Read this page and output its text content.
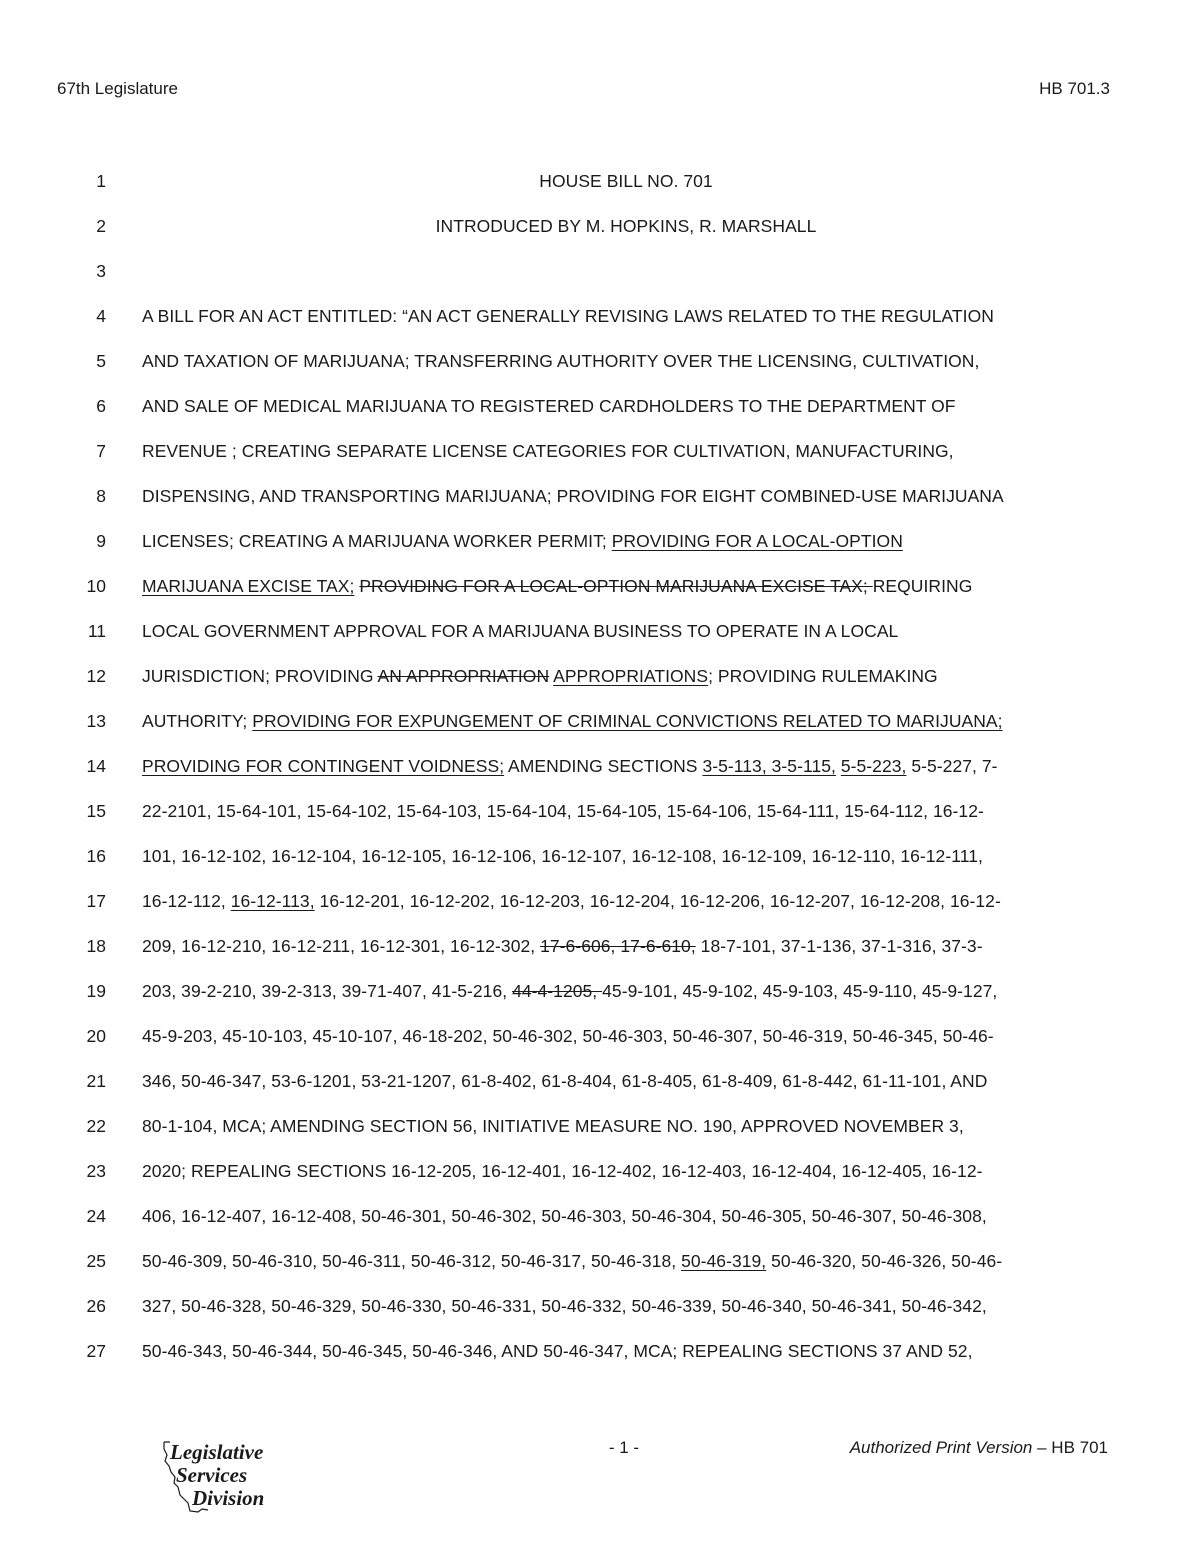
67th Legislature	HB 701.3
1	HOUSE BILL NO. 701
2	INTRODUCED BY M. HOPKINS, R. MARSHALL
3
4 A BILL FOR AN ACT ENTITLED: “AN ACT GENERALLY REVISING LAWS RELATED TO THE REGULATION
5 AND TAXATION OF MARIJUANA; TRANSFERRING AUTHORITY OVER THE LICENSING, CULTIVATION,
6 AND SALE OF MEDICAL MARIJUANA TO REGISTERED CARDHOLDERS TO THE DEPARTMENT OF
7 REVENUE ; CREATING SEPARATE LICENSE CATEGORIES FOR CULTIVATION, MANUFACTURING,
8 DISPENSING, AND TRANSPORTING MARIJUANA; PROVIDING FOR EIGHT COMBINED-USE MARIJUANA
9 LICENSES; CREATING A MARIJUANA WORKER PERMIT; PROVIDING FOR A LOCAL-OPTION
10 MARIJUANA EXCISE TAX; PROVIDING FOR A LOCAL-OPTION MARIJUANA EXCISE TAX; REQUIRING
11 LOCAL GOVERNMENT APPROVAL FOR A MARIJUANA BUSINESS TO OPERATE IN A LOCAL
12 JURISDICTION; PROVIDING AN APPROPRIATION APPROPRIATIONS; PROVIDING RULEMAKING
13 AUTHORITY; PROVIDING FOR EXPUNGEMENT OF CRIMINAL CONVICTIONS RELATED TO MARIJUANA;
14 PROVIDING FOR CONTINGENT VOIDNESS; AMENDING SECTIONS 3-5-113, 3-5-115, 5-5-223, 5-5-227, 7-
15 22-2101, 15-64-101, 15-64-102, 15-64-103, 15-64-104, 15-64-105, 15-64-106, 15-64-111, 15-64-112, 16-12-
16 101, 16-12-102, 16-12-104, 16-12-105, 16-12-106, 16-12-107, 16-12-108, 16-12-109, 16-12-110, 16-12-111,
17 16-12-112, 16-12-113, 16-12-201, 16-12-202, 16-12-203, 16-12-204, 16-12-206, 16-12-207, 16-12-208, 16-12-
18 209, 16-12-210, 16-12-211, 16-12-301, 16-12-302, 17-6-606, 17-6-610, 18-7-101, 37-1-136, 37-1-316, 37-3-
19 203, 39-2-210, 39-2-313, 39-71-407, 41-5-216, 44-4-1205, 45-9-101, 45-9-102, 45-9-103, 45-9-110, 45-9-127,
20 45-9-203, 45-10-103, 45-10-107, 46-18-202, 50-46-302, 50-46-303, 50-46-307, 50-46-319, 50-46-345, 50-46-
21 346, 50-46-347, 53-6-1201, 53-21-1207, 61-8-402, 61-8-404, 61-8-405, 61-8-409, 61-8-442, 61-11-101, AND
22 80-1-104, MCA; AMENDING SECTION 56, INITIATIVE MEASURE NO. 190, APPROVED NOVEMBER 3,
23 2020; REPEALING SECTIONS 16-12-205, 16-12-401, 16-12-402, 16-12-403, 16-12-404, 16-12-405, 16-12-
24 406, 16-12-407, 16-12-408, 50-46-301, 50-46-302, 50-46-303, 50-46-304, 50-46-305, 50-46-307, 50-46-308,
25 50-46-309, 50-46-310, 50-46-311, 50-46-312, 50-46-317, 50-46-318, 50-46-319, 50-46-320, 50-46-326, 50-46-
26 327, 50-46-328, 50-46-329, 50-46-330, 50-46-331, 50-46-332, 50-46-339, 50-46-340, 50-46-341, 50-46-342,
27 50-46-343, 50-46-344, 50-46-345, 50-46-346, AND 50-46-347, MCA; REPEALING SECTIONS 37 AND 52,
Legislative
Services
Division
- 1 -	Authorized Print Version – HB 701
